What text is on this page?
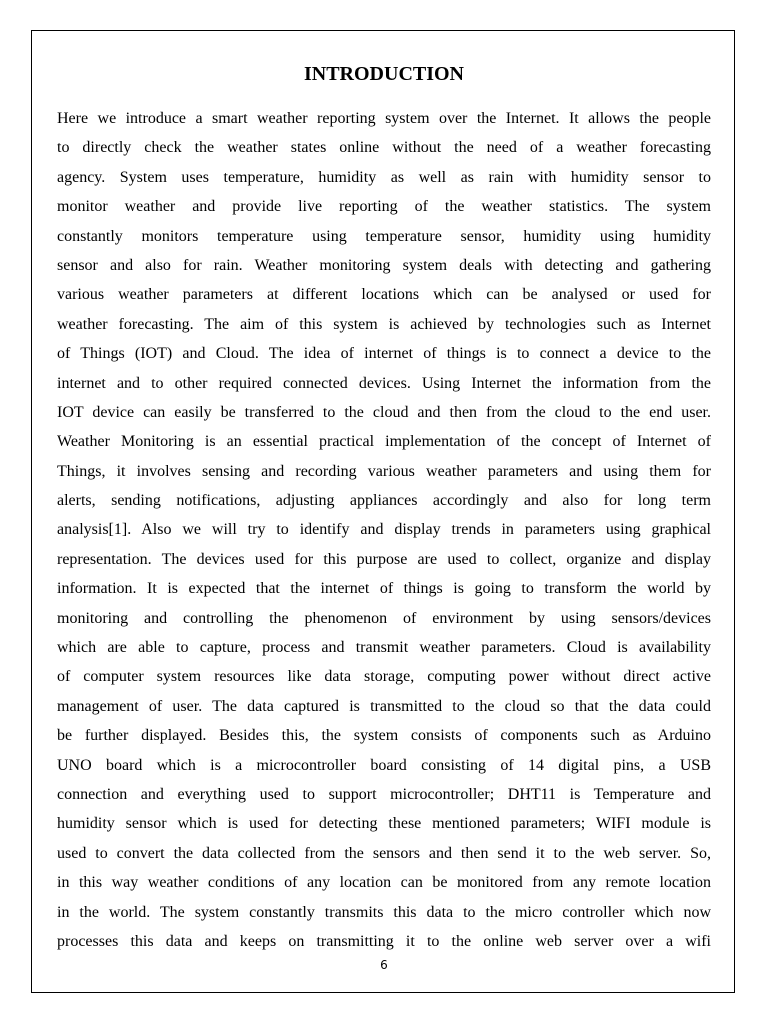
INTRODUCTION
Here we introduce a smart weather reporting system over the Internet. It allows the people
to directly check the weather states online without the need of a weather forecasting
agency. System uses temperature, humidity as well as rain with humidity sensor to
monitor weather and provide live reporting of the weather statistics. The system
constantly monitors temperature using temperature sensor, humidity using humidity
sensor and also for rain. Weather monitoring system deals with detecting and gathering
various weather parameters at different locations which can be analysed or used for
weather forecasting. The aim of this system is achieved by technologies such as Internet
of Things (IOT) and Cloud. The idea of internet of things is to connect a device to the
internet and to other required connected devices. Using Internet the information from the
IOT device can easily be transferred to the cloud and then from the cloud to the end user.
Weather Monitoring is an essential practical implementation of the concept of Internet of
Things, it involves sensing and recording various weather parameters and using them for
alerts, sending notifications, adjusting appliances accordingly and also for long term
analysis[1]. Also we will try to identify and display trends in parameters using graphical
representation. The devices used for this purpose are used to collect, organize and display
information. It is expected that the internet of things is going to transform the world by
monitoring and controlling the phenomenon of environment by using sensors/devices
which are able to capture, process and transmit weather parameters. Cloud is availability
of computer system resources like data storage, computing power without direct active
management of user. The data captured is transmitted to the cloud so that the data could
be further displayed. Besides this, the system consists of components such as Arduino
UNO board which is a microcontroller board consisting of 14 digital pins, a USB
connection and everything used to support microcontroller; DHT11 is Temperature and
humidity sensor which is used for detecting these mentioned parameters; WIFI module is
used to convert the data collected from the sensors and then send it to the web server. So,
in this way weather conditions of any location can be monitored from any remote location
in the world. The system constantly transmits this data to the micro controller which now
processes this data and keeps on transmitting it to the online web server over a wifi
6
